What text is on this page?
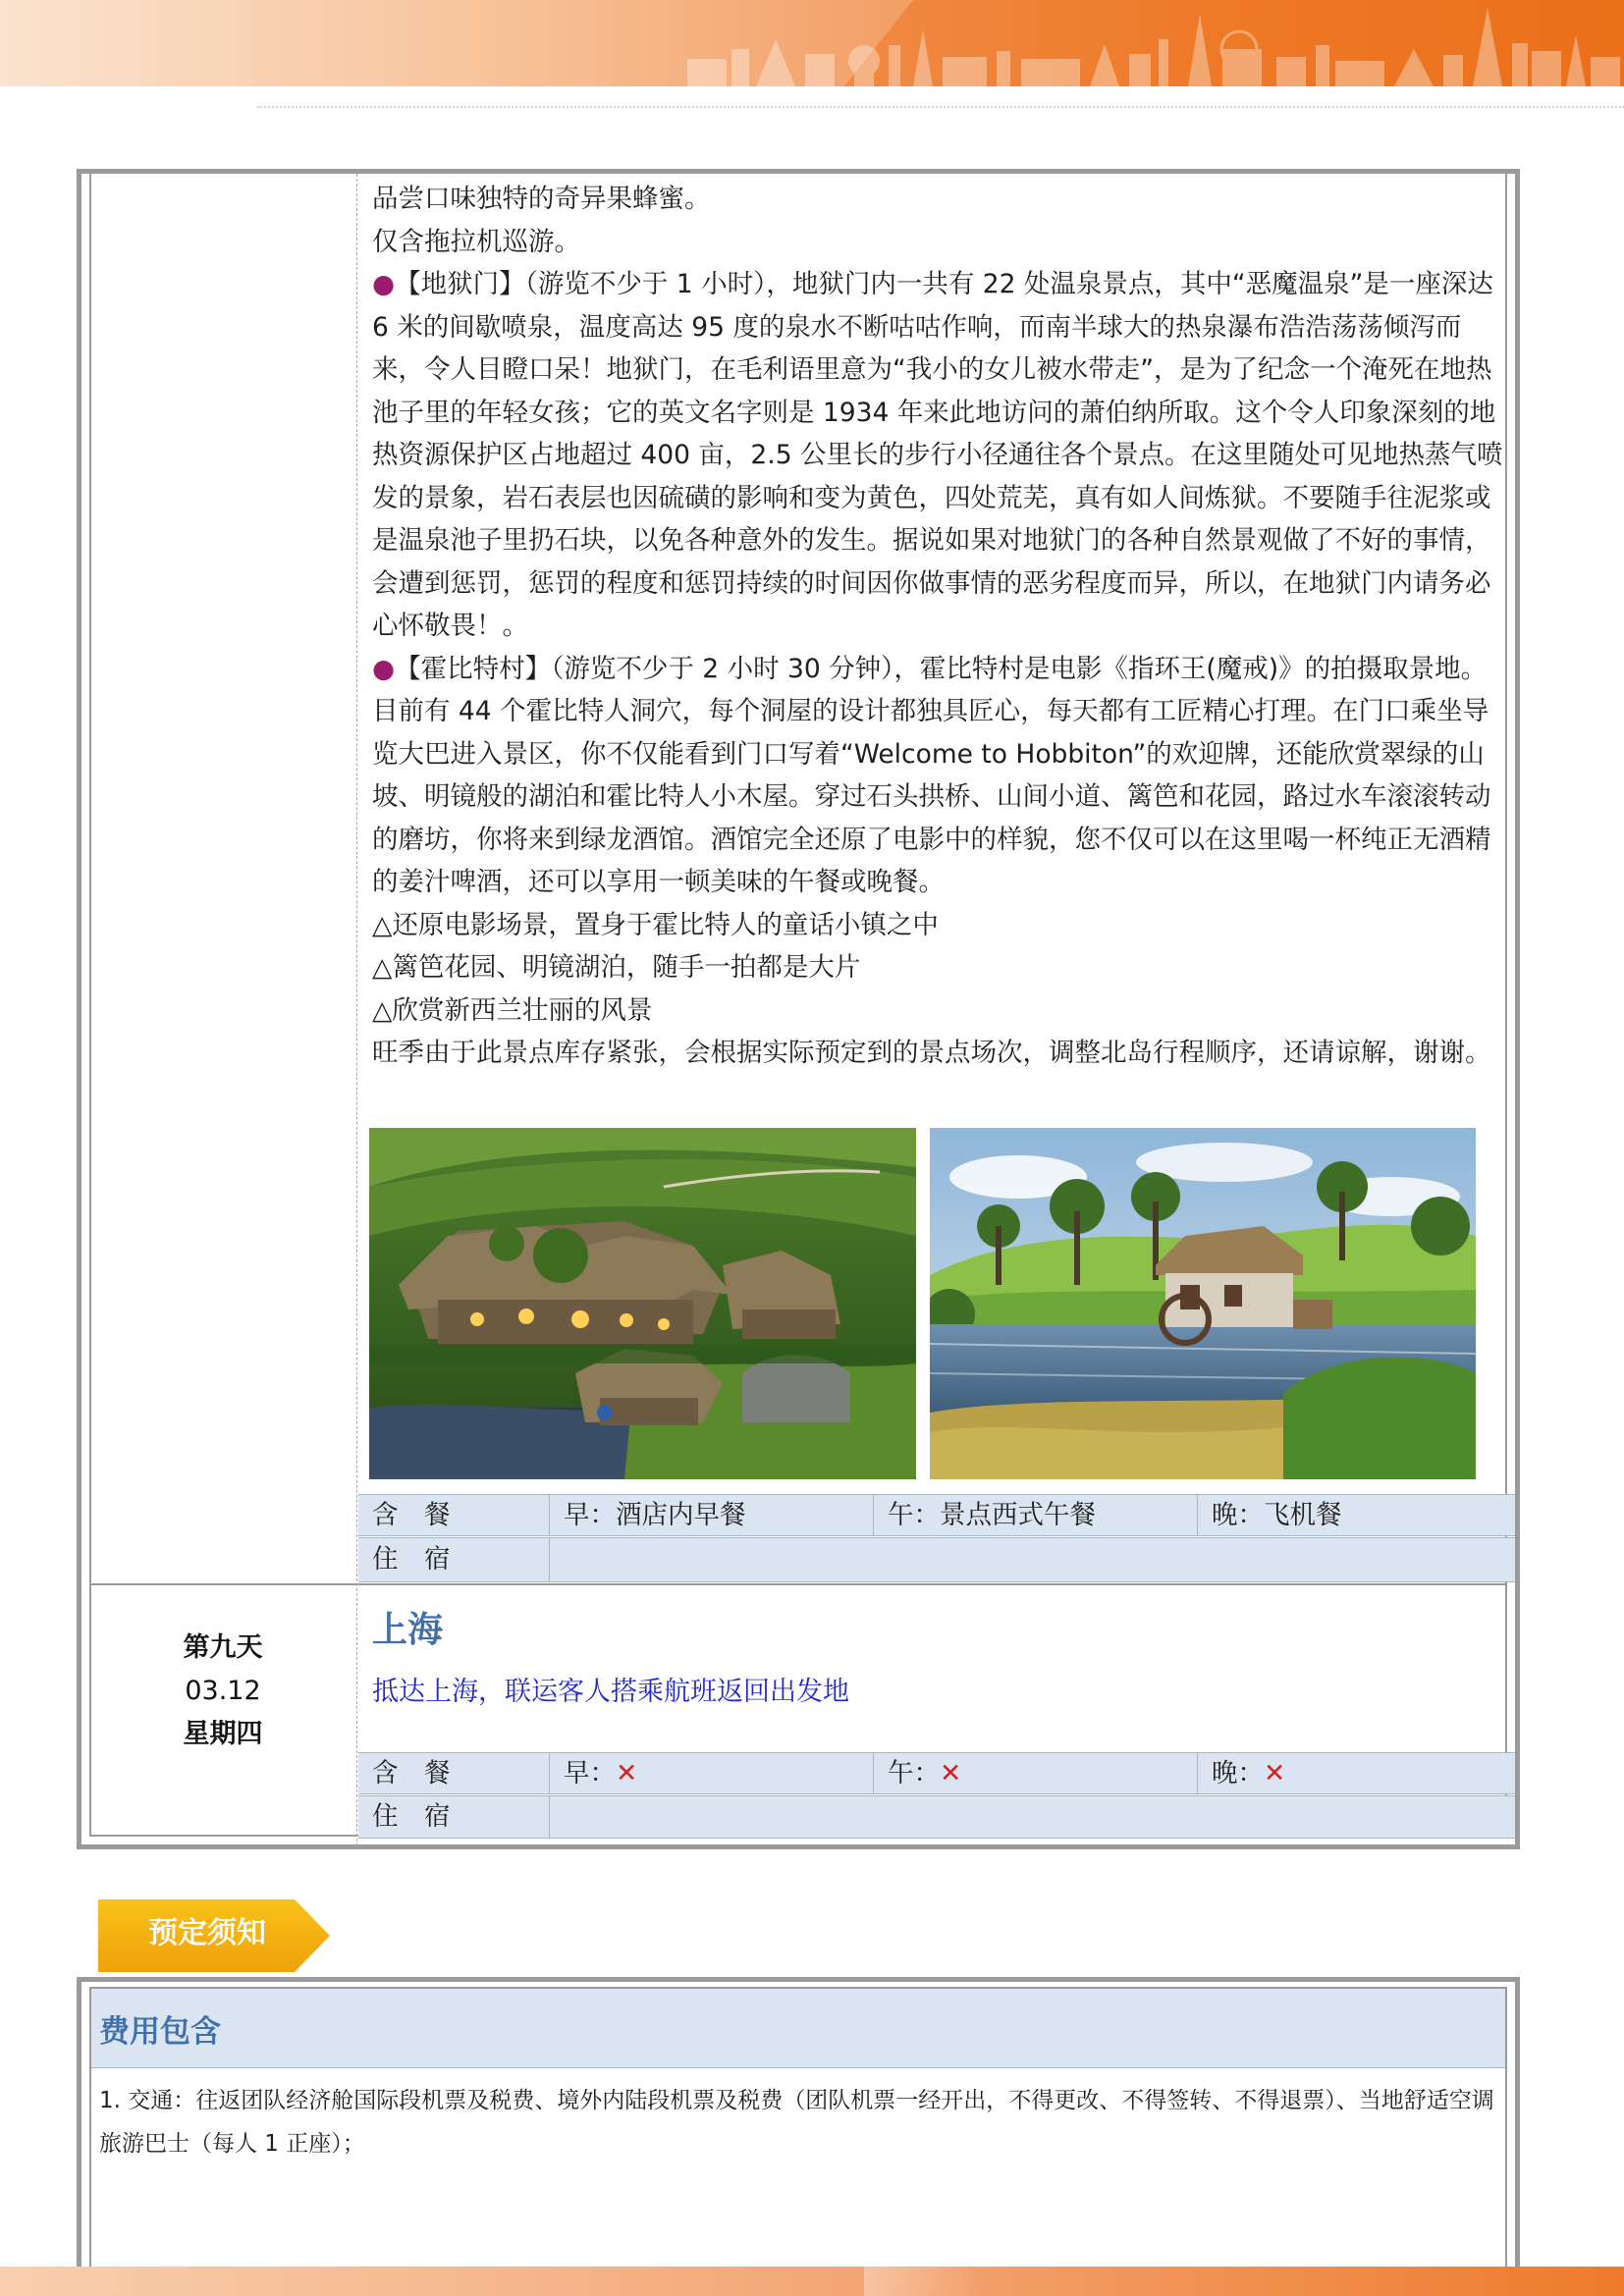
品尝口味独特的奇异果蜂蜜。

仅含拖拉机巡游。

●【地狱门】（游览不少于 1 小时），地狱门内一共有 22 处温泉景点，其中“恶魔温泉”是一座深达 6 米的间歇喷泉，温度高达 95 度的泉水不断咕咕作响，而南半球大的热泉瀑布浩浩荡荡倾泻而来，令人目瞪口呆！地狱门，在毛利语里意为“我小的女儿被水带走”，是为了纪念一个淹死在地热池子里的年轻女孩；它的英文名字则是 1934 年来此地访问的萧伯纳所取。这个令人印象深刻的地热资源保护区占地超过 400 亩，2.5 公里长的步行小径通往各个景点。在这里随处可见地热蒸气喷发的景象，岩石表层也因硫磺的影响和变为黄色，四处荒芜，真有如人间炼狱。不要随手往泥浆或是温泉池子里扔石块，以免各种意外的发生。据说如果对地狱门的各种自然景观做了不好的事情，会遭到惩罚，惩罚的程度和惩罚持续的时间因你做事情的恶劣程度而异，所以，在地狱门内请务必心怀敬畏！。

●【霍比特村】（游览不少于 2 小时 30 分钟），霍比特村是电影《指环王(魔戒)》的拍摄取景地。目前有 44 个霍比特人洞穴，每个洞屋的设计都独具匠心，每天都有工匠精心打理。在门口乘坐导览大巴进入景区，你不仅能看到门口写着“Welcome to Hobbiton”的欢迎牌，还能欣赏翠绿的山坡、明镜般的湖泊和霍比特人小木屋。穿过石头拱桥、山间小道、篱笆和花园，路过水车滚滚转动的磨坊，你将来到绿龙酒馆。酒馆完全还原了电影中的样貌，您不仅可以在这里喝一杯纯正无酒精的姜汁啤酒，还可以享用一顿美味的午餐或晚餐。

△还原电影场景，置身于霍比特人的童话小镇之中

△篱笆花园、明镜湖泊，随手一拍都是大片

△欣赏新西兰壮丽的风景

旺季由于此景点库存紧张，会根据实际预定到的景点场次，调整北岛行程顺序，还请谅解，谢谢。

含　餐	早：酒店内早餐	午：景点西式午餐	晚：飞机餐
住　宿
第九天
03.12
星期四
上海
抵达上海，联运客人搭乘航班返回出发地
含　餐	早：✕	午：✕	晚：✕
住　宿
预定须知
费用包含
1. 交通：往返团队经济舱国际段机票及税费、境外内陆段机票及税费（团队机票一经开出，不得更改、不得签转、不得退票）、当地舒适空调旅游巴士（每人 1 正座）；
